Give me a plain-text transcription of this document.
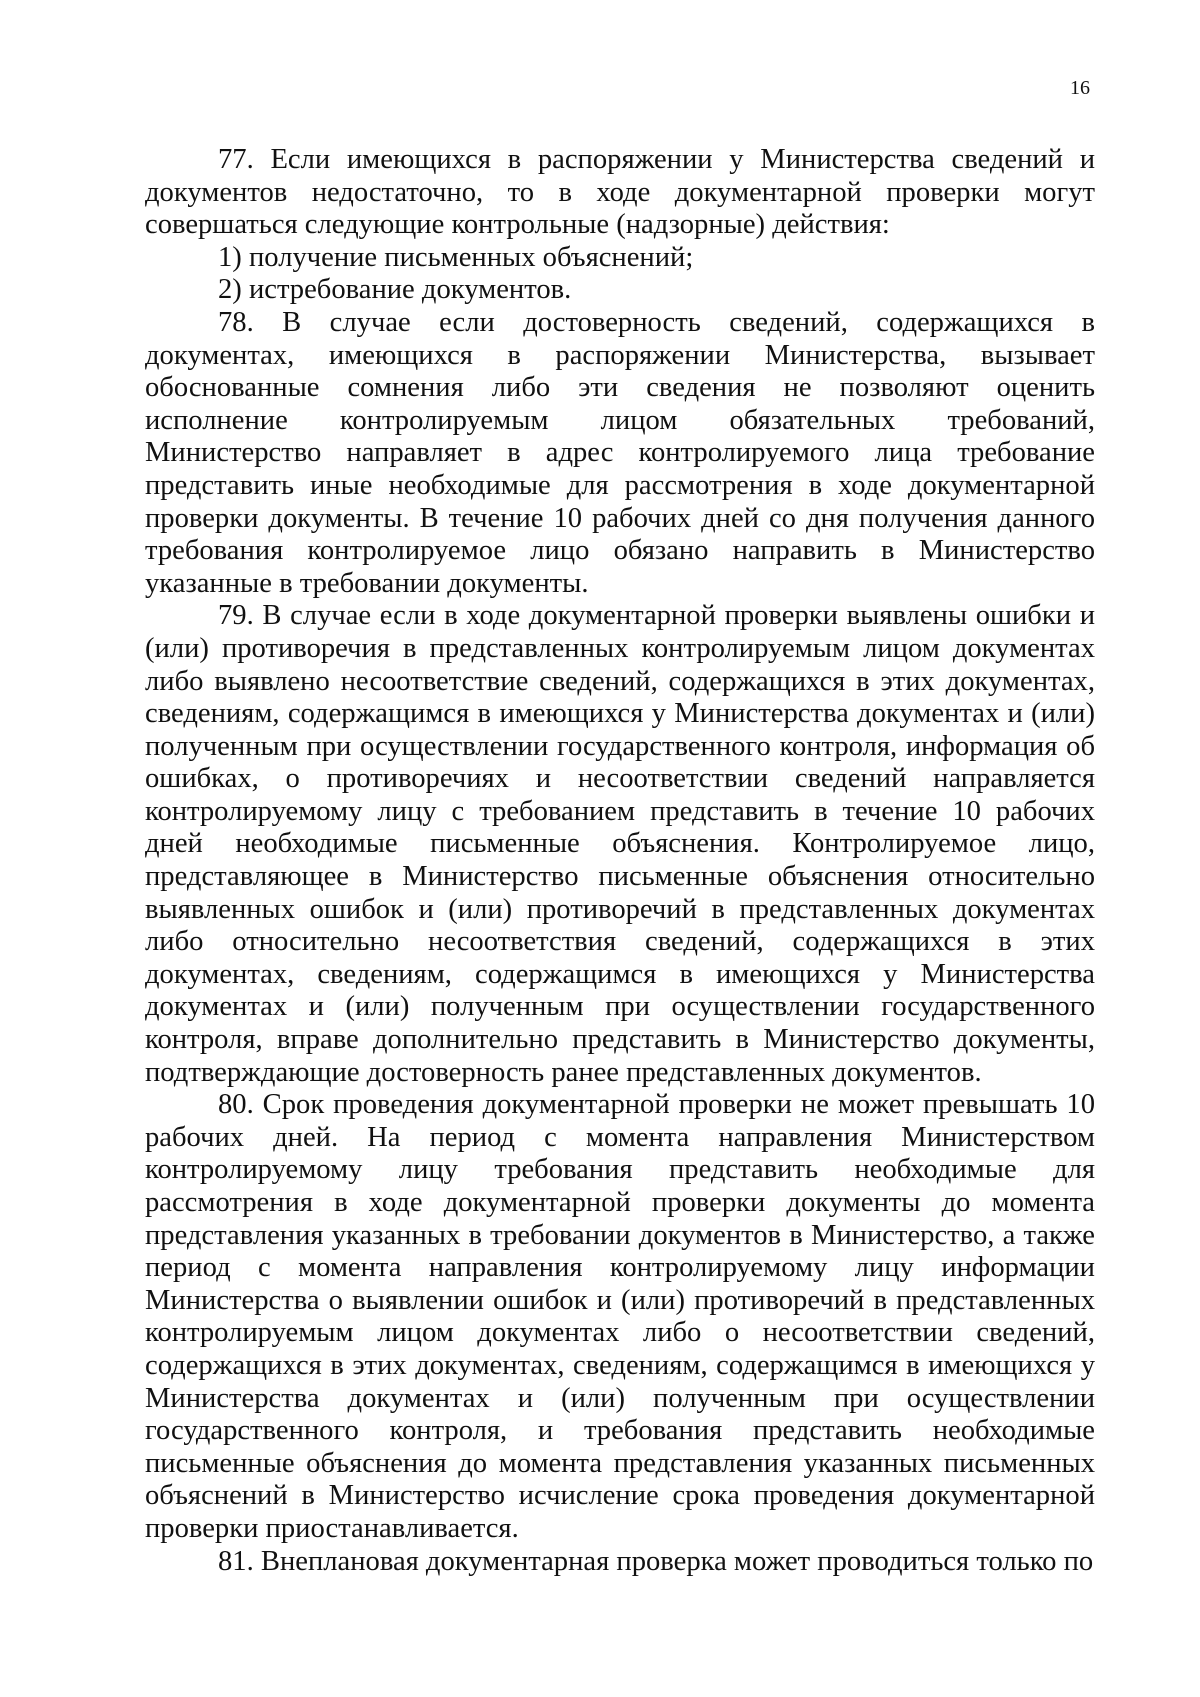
16

77. Если имеющихся в распоряжении у Министерства сведений и документов недостаточно, то в ходе документарной проверки могут совершаться следующие контрольные (надзорные) действия:

1) получение письменных объяснений;

2) истребование документов.

78. В случае если достоверность сведений, содержащихся в документах, имеющихся в распоряжении Министерства, вызывает обоснованные сомнения либо эти сведения не позволяют оценить исполнение контролируемым лицом обязательных требований, Министерство направляет в адрес контролируемого лица требование представить иные необходимые для рассмотрения в ходе документарной проверки документы. В течение 10 рабочих дней со дня получения данного требования контролируемое лицо обязано направить в Министерство указанные в требовании документы.

79. В случае если в ходе документарной проверки выявлены ошибки и (или) противоречия в представленных контролируемым лицом документах либо выявлено несоответствие сведений, содержащихся в этих документах, сведениям, содержащимся в имеющихся у Министерства документах и (или) полученным при осуществлении государственного контроля, информация об ошибках, о противоречиях и несоответствии сведений направляется контролируемому лицу с требованием представить в течение 10 рабочих дней необходимые письменные объяснения. Контролируемое лицо, представляющее в Министерство письменные объяснения относительно выявленных ошибок и (или) противоречий в представленных документах либо относительно несоответствия сведений, содержащихся в этих документах, сведениям, содержащимся в имеющихся у Министерства документах и (или) полученным при осуществлении государственного контроля, вправе дополнительно представить в Министерство документы, подтверждающие достоверность ранее представленных документов.

80. Срок проведения документарной проверки не может превышать 10 рабочих дней. На период с момента направления Министерством контролируемому лицу требования представить необходимые для рассмотрения в ходе документарной проверки документы до момента представления указанных в требовании документов в Министерство, а также период с момента направления контролируемому лицу информации Министерства о выявлении ошибок и (или) противоречий в представленных контролируемым лицом документах либо о несоответствии сведений, содержащихся в этих документах, сведениям, содержащимся в имеющихся у Министерства документах и (или) полученным при осуществлении государственного контроля, и требования представить необходимые письменные объяснения до момента представления указанных письменных объяснений в Министерство исчисление срока проведения документарной проверки приостанавливается.

81. Внеплановая документарная проверка может проводиться только по
